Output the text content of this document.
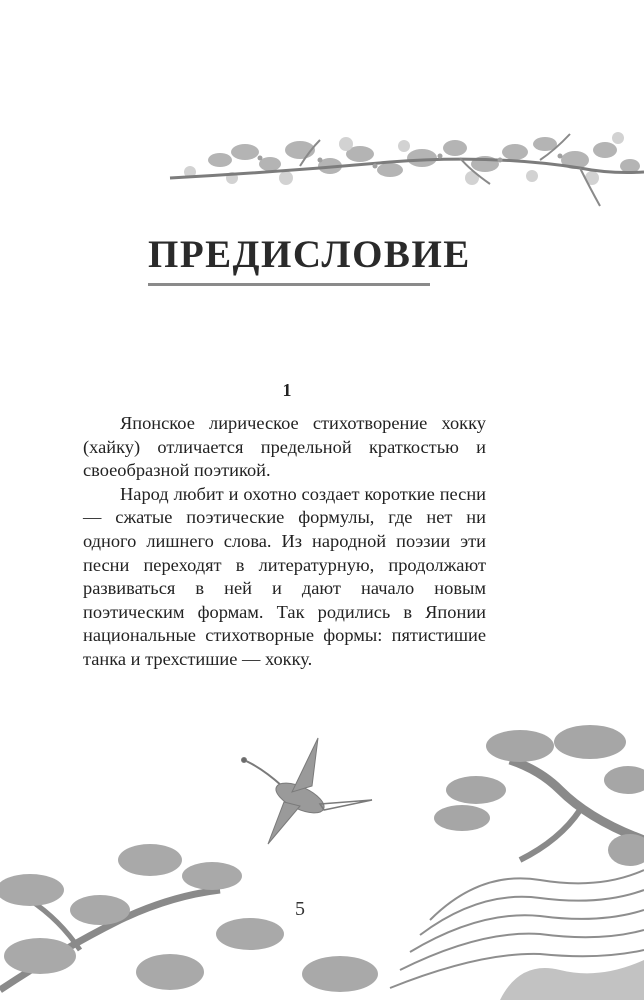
ПРЕДИСЛОВИЕ

1

Японское лирическое стихотворение хокку (хайку) отличается предельной краткостью и своеобразной поэтикой.

Народ любит и охотно создает короткие песни — сжатые поэтические формулы, где нет ни одного лишнего слова. Из народной поэзии эти песни переходят в литературную, продолжают развиваться в ней и дают начало новым поэтическим формам. Так родились в Японии национальные стихотворные формы: пятистишие танка и трехстишие — хокку.

5
